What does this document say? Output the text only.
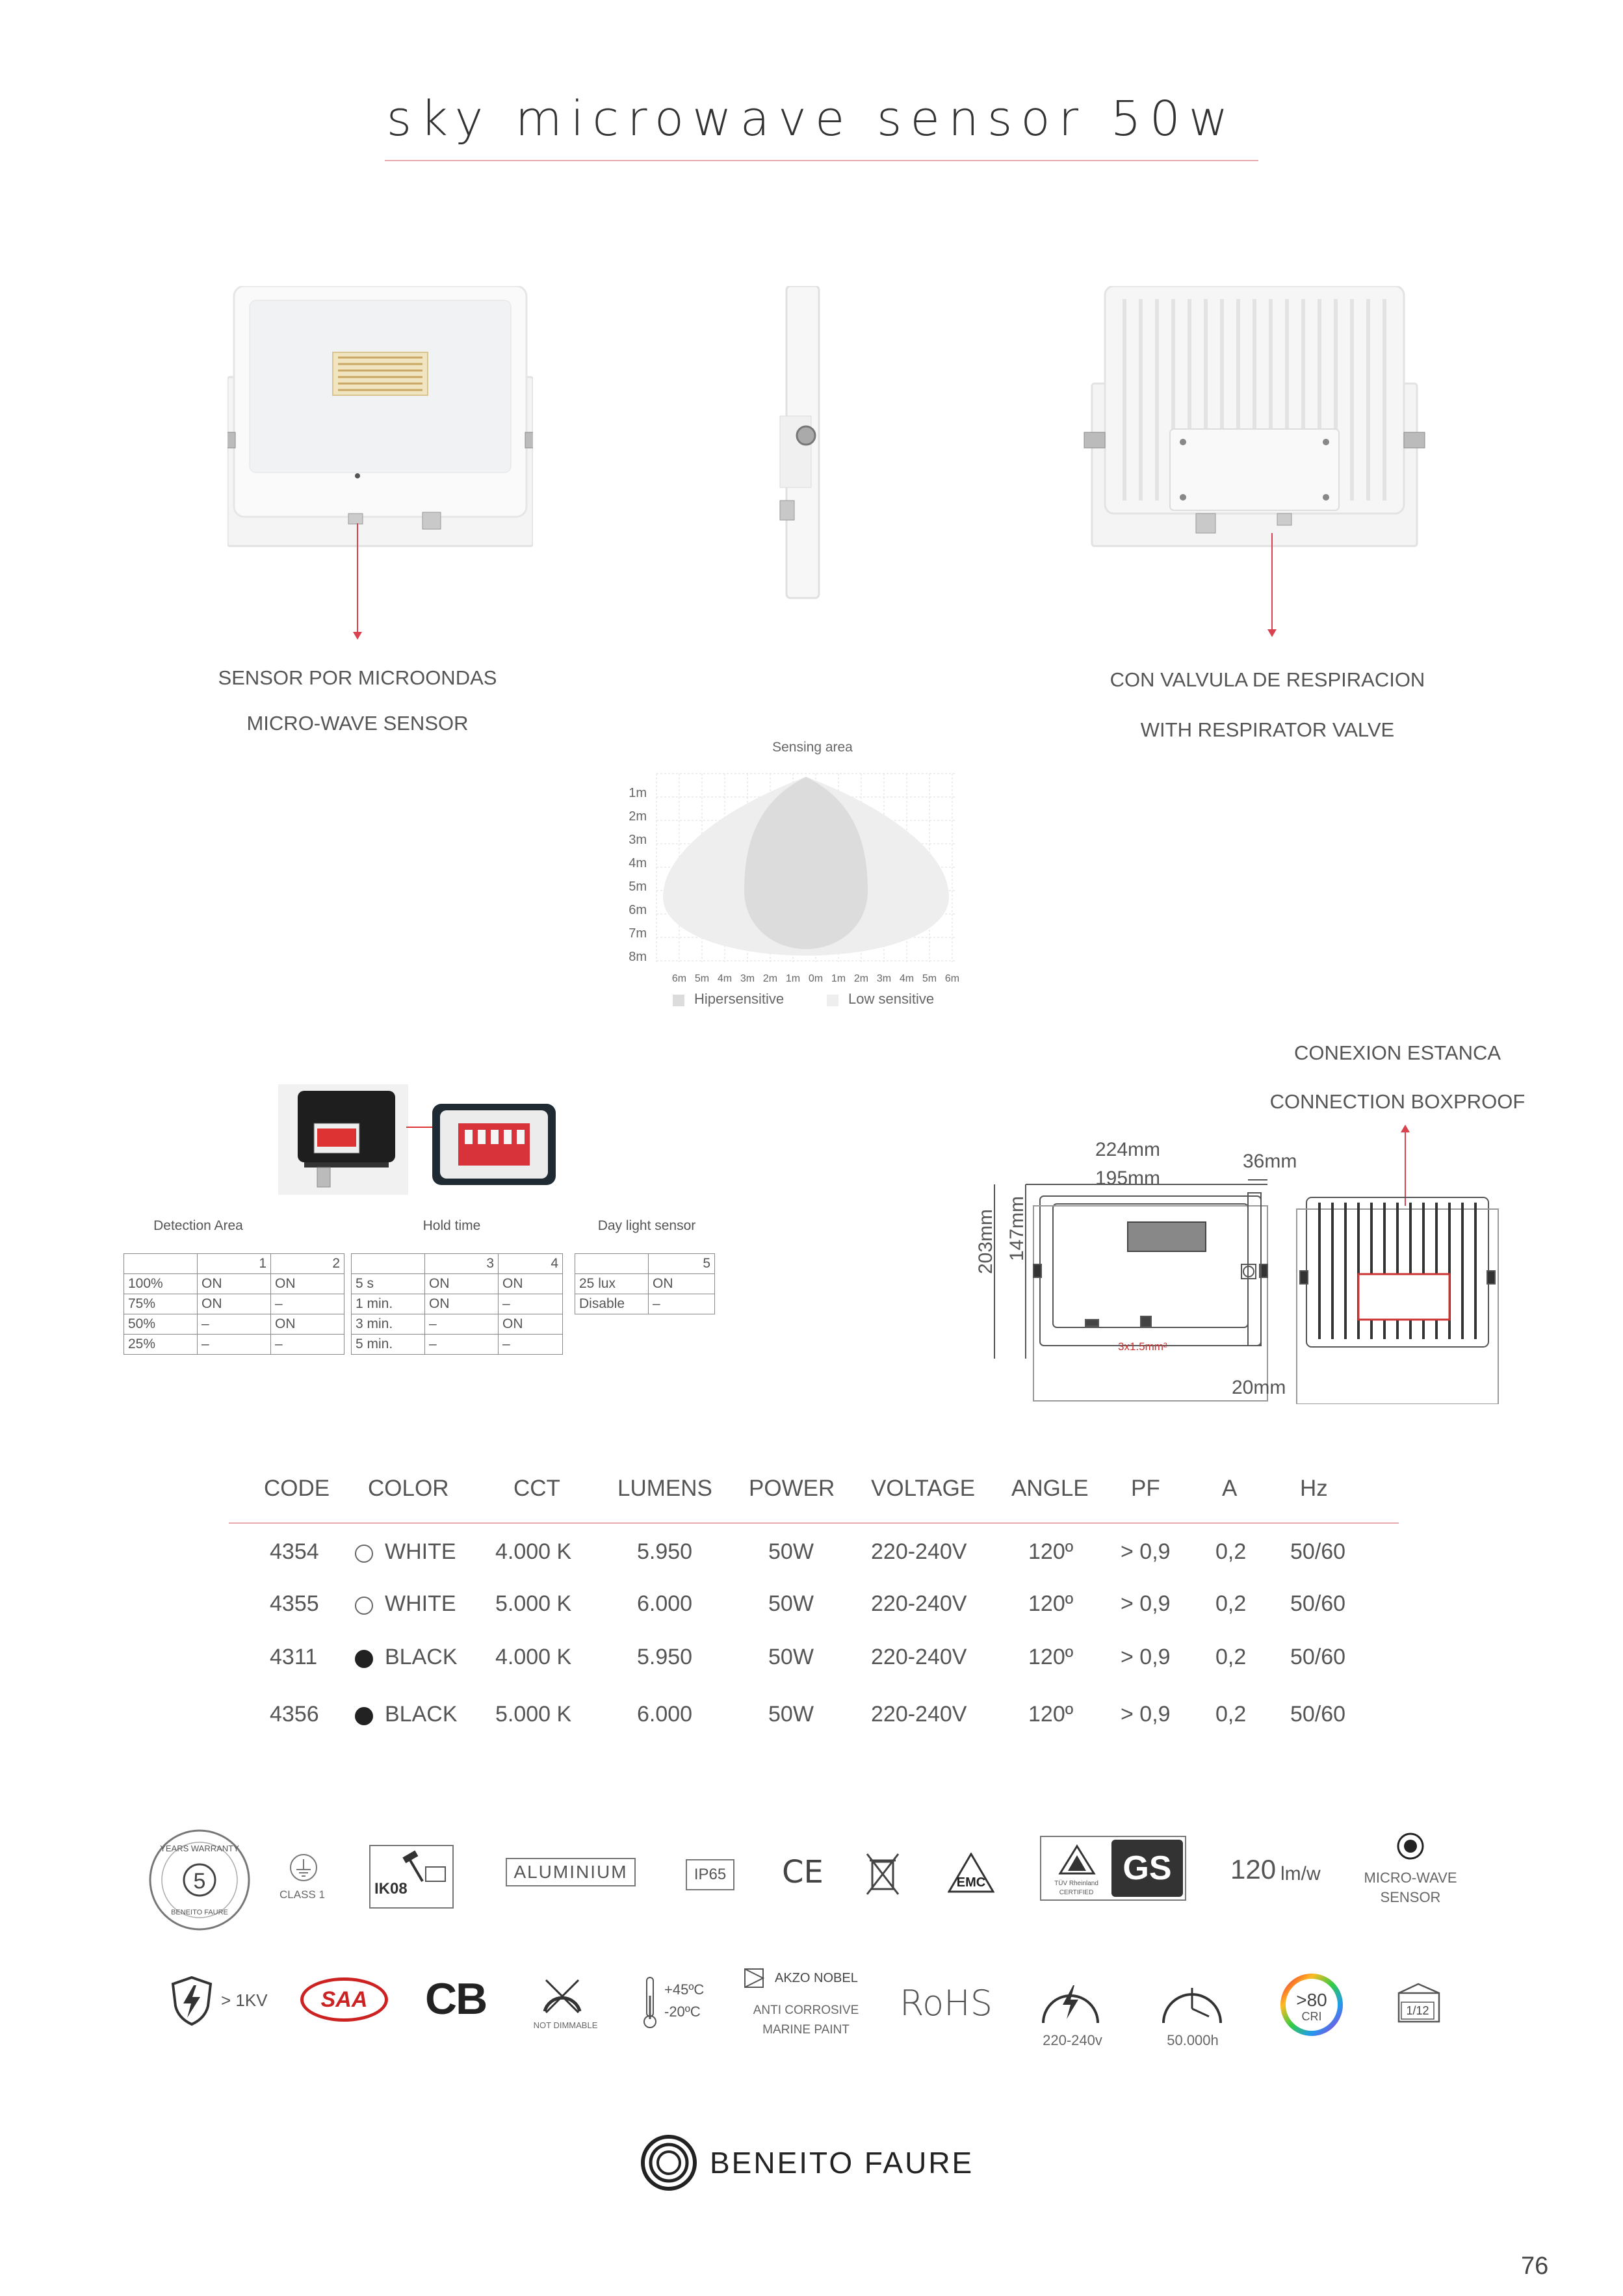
sky microwave sensor 50w
SENSOR POR MICROONDAS
MICRO-WAVE SENSOR
CON VALVULA DE RESPIRACION
WITH RESPIRATOR VALVE
Sensing area
1m
2m
3m
4m
5m
6m
7m
8m
6m 5m 4m 3m 2m 1m 0m 1m 2m 3m 4m 5m 6m
Hipersensitive	Low sensitive
Detection Area	Hold time	Day light sensor
	1	2
100%	ON	ON
75%	ON	–
50%	–	ON
25%	–	–
	3	4
5 s	ON	ON
1 min.	ON	–
3 min.	–	ON
5 min.	–	–
	5
25 lux	ON
Disable	–
CONEXION ESTANCA
CONNECTION BOXPROOF
224mm
195mm
36mm
203mm 147mm
20mm
3x1.5mm²
CODE COLOR	CCT	LUMENS POWER VOLTAGE ANGLE PF	A	Hz
4354	WHITE 4.000 K	5.950	50W	220-240V	120º > 0,9 0,2 50/60
4355	WHITE 5.000 K	6.000	50W	220-240V	120º > 0,9 0,2 50/60
4311	BLACK 4.000 K	5.950	50W	220-240V	120º > 0,9 0,2 50/60
4356	BLACK 5.000 K	6.000	50W	220-240V	120º > 0,9 0,2 50/60
5
YEARS WARRANTY
BENEITO FAURE
CLASS 1	IK08
ALUMINIUM	IP65 CE	EMC	TÜV Rheinland
CERTIFIED
GS	120 lm/w	MICRO-WAVE
SENSOR
> 1KV	SAA	CB
NOT DIMMABLE
+45ºC
-20ºC
AKZO NOBEL
ANTI CORROSIVE
MARINE PAINT
RoHS
220-240v	50.000h
>80
CRI	1/12
BENEITO FAURE
76
